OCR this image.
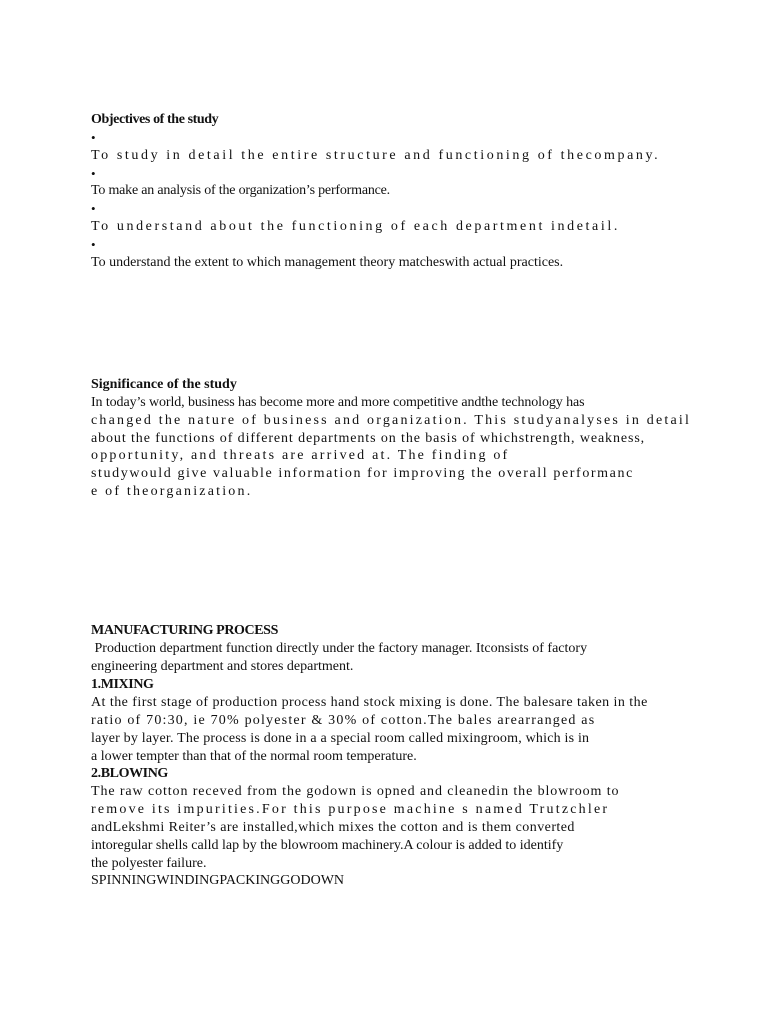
Objectives of the study
•
To study in detail the entire structure and functioning of thecompany.
•
To make an analysis of the organization’s performance.
•
To understand about the functioning of each department indetail.
•
To understand the extent to which management theory matcheswith actual practices.
Significance of the study
In today’s world, business has become more and more competitive andthe technology has
changed the nature of business and organization. This studyanalyses in detail
about the functions of different departments on the basis of whichstrength, weakness,
opportunity, and threats are arrived at. The finding of
studywould give valuable information for improving the overall performanc
e of theorganization.
MANUFACTURING PROCESS
Production department function directly under the factory manager. Itconsists of factory
engineering department and stores department.
1.MIXING
At the first stage of production process hand stock mixing is done. The balesare taken in the
ratio of 70:30, ie 70% polyester & 30% of cotton.The bales arearranged as
layer by layer. The process is done in a a special room called mixingroom, which is in
a lower tempter than that of the normal room temperature.
2.BLOWING
The raw cotton receved from the godown is opned and cleanedin the blowroom to
remove its impurities.For this purpose machine s named Trutzchler
andLekshmi Reiter’s are installed,which mixes the cotton and is them converted
intoregular shells calld lap by the blowroom machinery.A colour is added to identify
the polyester failure.
SPINNINGWINDINGPACKINGGODOWN
